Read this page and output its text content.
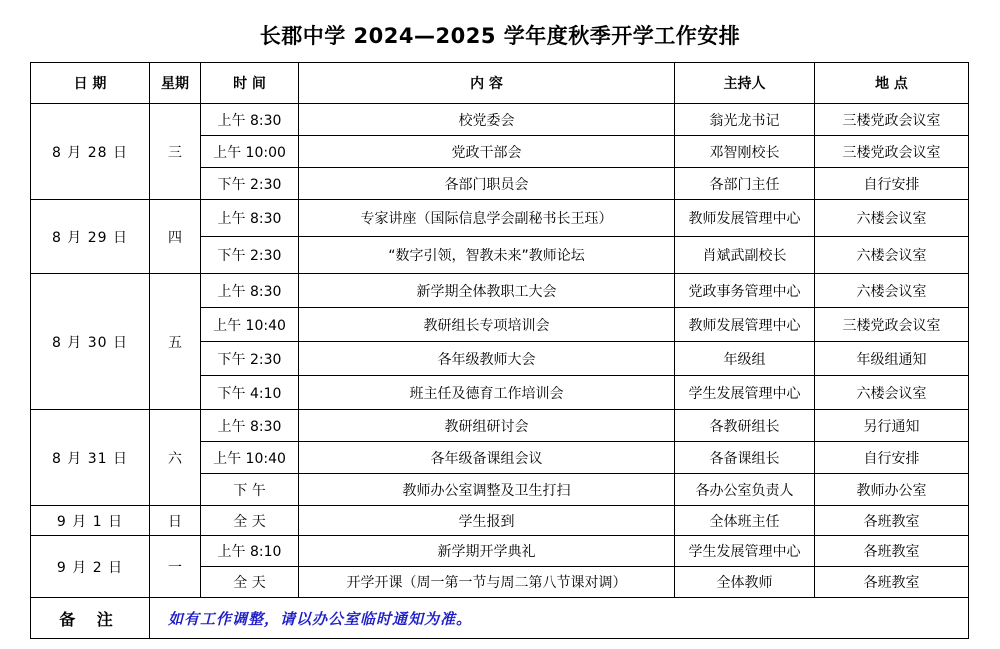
长郡中学 2024—2025 学年度秋季开学工作安排
日 期	星期	时 间	内 容	主持人	地 点
8 月 28 日	三	上午 8:30	校党委会	翁光龙书记	三楼党政会议室
		上午 10:00	党政干部会	邓智刚校长	三楼党政会议室
		下午 2:30	各部门职员会	各部门主任	自行安排
8 月 29 日	四	上午 8:30	专家讲座（国际信息学会副秘书长王珏）	教师发展管理中心	六楼会议室
		下午 2:30	“数字引领，智教未来”教师论坛	肖斌武副校长	六楼会议室
8 月 30 日	五	上午 8:30	新学期全体教职工大会	党政事务管理中心	六楼会议室
		上午 10:40	教研组长专项培训会	教师发展管理中心	三楼党政会议室
		下午 2:30	各年级教师大会	年级组	年级组通知
		下午 4:10	班主任及德育工作培训会	学生发展管理中心	六楼会议室
8 月 31 日	六	上午 8:30	教研组研讨会	各教研组长	另行通知
		上午 10:40	各年级备课组会议	各备课组长	自行安排
		下 午	教师办公室调整及卫生打扫	各办公室负责人	教师办公室
9 月 1 日	日	全 天	学生报到	全体班主任	各班教室
9 月 2 日	一	上午 8:10	新学期开学典礼	学生发展管理中心	各班教室
		全 天	开学开课（周一第一节与周二第八节课对调）	全体教师	各班教室
备 注	如有工作调整，请以办公室临时通知为准。				
